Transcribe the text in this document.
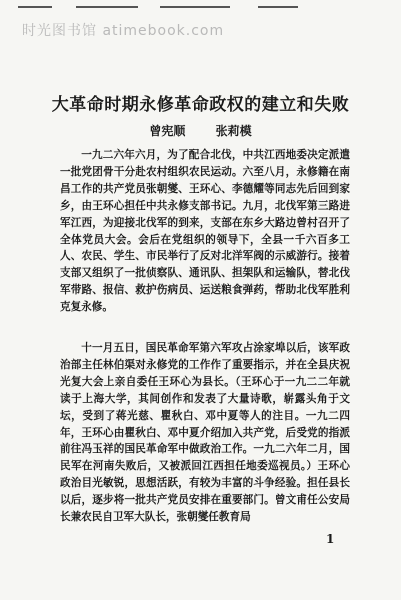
时光图书馆 atimebook.com
大革命时期永修革命政权的建立和失败
曾宪顺	张莉模
一九二六年六月，为了配合北伐，中共江西地委决定派遣一批党团骨干分赴农村组织农民运动。六至八月，永修籍在南昌工作的共产党员张朝燮、王环心、李德耀等同志先后回到家乡，由王环心担任中共永修支部书记。九月，北伐军第三路进军江西，为迎接北伐军的到来，支部在东乡大路边曾村召开了全体党员大会。会后在党组织的领导下，全县一千六百多工人、农民、学生、市民举行了反对北洋军阀的示威游行。接着支部又组织了一批侦察队、通讯队、担架队和运输队，替北伐军带路、报信、救护伤病员、运送粮食弹药，帮助北伐军胜利克复永修。
十一月五日，国民革命军第六军攻占涂家埠以后，该军政治部主任林伯渠对永修党的工作作了重要指示，并在全县庆祝光复大会上亲自委任王环心为县长。（王环心于一九二二年就读于上海大学，其间创作和发表了大量诗歌，崭露头角于文坛，受到了蒋光慈、瞿秋白、邓中夏等人的注目。一九二四年，王环心由瞿秋白、邓中夏介绍加入共产党，后受党的指派前往冯玉祥的国民革命军中做政治工作。一九二六年二月，国民军在河南失败后，又被派回江西担任地委巡视员。）王环心政治目光敏锐，思想活跃，有较为丰富的斗争经验。担任县长以后，逐步将一批共产党员安排在重要部门。曾文甫任公安局长兼农民自卫军大队长，张朝燮任教育局
1
